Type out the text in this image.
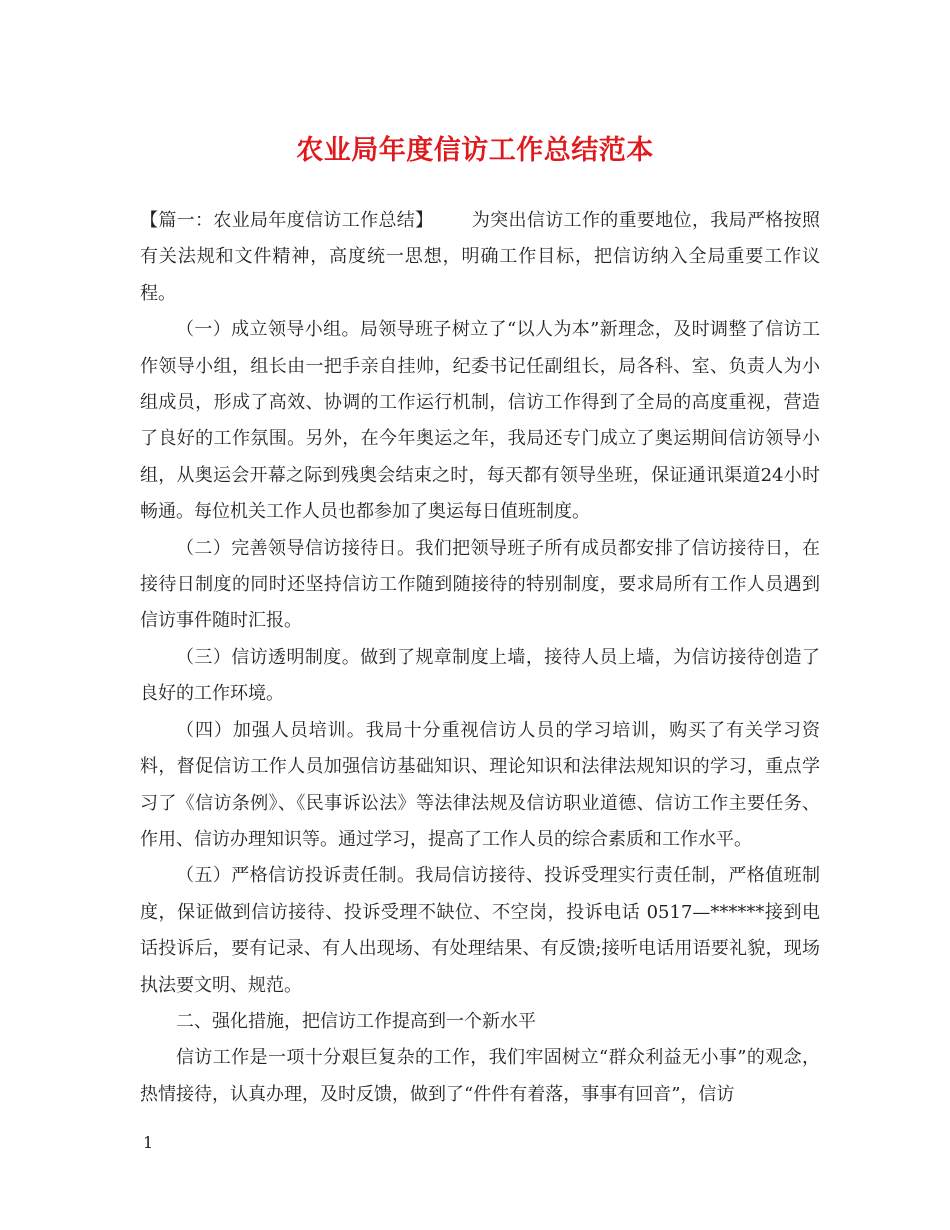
农业局年度信访工作总结范本

【篇一：农业局年度信访工作总结】 为突出信访工作的重要地位，我局严格按照有关法规和文件精神，高度统一思想，明确工作目标，把信访纳入全局重要工作议程。

（一）成立领导小组。局领导班子树立了“以人为本”新理念，及时调整了信访工作领导小组，组长由一把手亲自挂帅，纪委书记任副组长，局各科、室、负责人为小组成员，形成了高效、协调的工作运行机制，信访工作得到了全局的高度重视，营造了良好的工作氛围。另外，在今年奥运之年，我局还专门成立了奥运期间信访领导小组，从奥运会开幕之际到残奥会结束之时，每天都有领导坐班，保证通讯渠道24小时畅通。每位机关工作人员也都参加了奥运每日值班制度。

（二）完善领导信访接待日。我们把领导班子所有成员都安排了信访接待日，在接待日制度的同时还坚持信访工作随到随接待的特别制度，要求局所有工作人员遇到信访事件随时汇报。

（三）信访透明制度。做到了规章制度上墙，接待人员上墙，为信访接待创造了良好的工作环境。

（四）加强人员培训。我局十分重视信访人员的学习培训，购买了有关学习资料，督促信访工作人员加强信访基础知识、理论知识和法律法规知识的学习，重点学习了《信访条例》、《民事诉讼法》等法律法规及信访职业道德、信访工作主要任务、作用、信访办理知识等。通过学习，提高了工作人员的综合素质和工作水平。

（五）严格信访投诉责任制。我局信访接待、投诉受理实行责任制，严格值班制度，保证做到信访接待、投诉受理不缺位、不空岗，投诉电话 0517—******接到电话投诉后，要有记录、有人出现场、有处理结果、有反馈;接听电话用语要礼貌，现场执法要文明、规范。

二、强化措施，把信访工作提高到一个新水平

信访工作是一项十分艰巨复杂的工作，我们牢固树立“群众利益无小事”的观念，热情接待，认真办理，及时反馈，做到了“件件有着落，事事有回音”，信访

1
